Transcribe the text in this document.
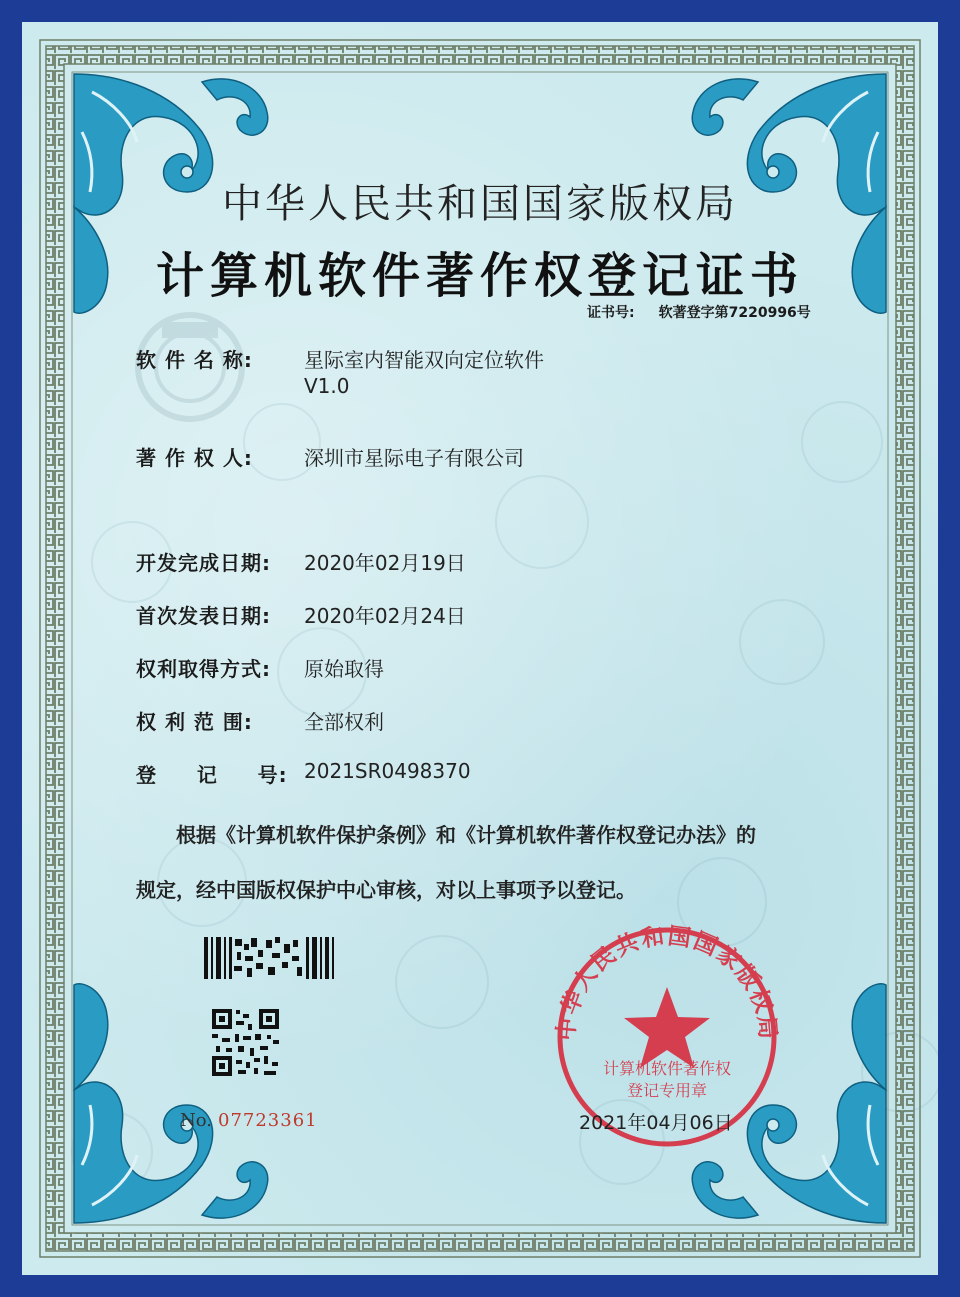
中华人民共和国国家版权局
计算机软件著作权登记证书
证书号: 软著登字第7220996号
软 件 名 称:	星际室内智能双向定位软件
V1.0
著 作 权 人:	深圳市星际电子有限公司
开发完成日期: 2020年02月19日
首次发表日期: 2020年02月24日
权利取得方式: 原始取得
权 利 范 围:	全部权利
登     记     号: 2021SR0498370
根据《计算机软件保护条例》和《计算机软件著作权登记办法》的
规定，经中国版权保护中心审核，对以上事项予以登记。
No. 07723361
中华人民共和国国家版权局
计算机软件著作权
登记专用章
2021年04月06日
